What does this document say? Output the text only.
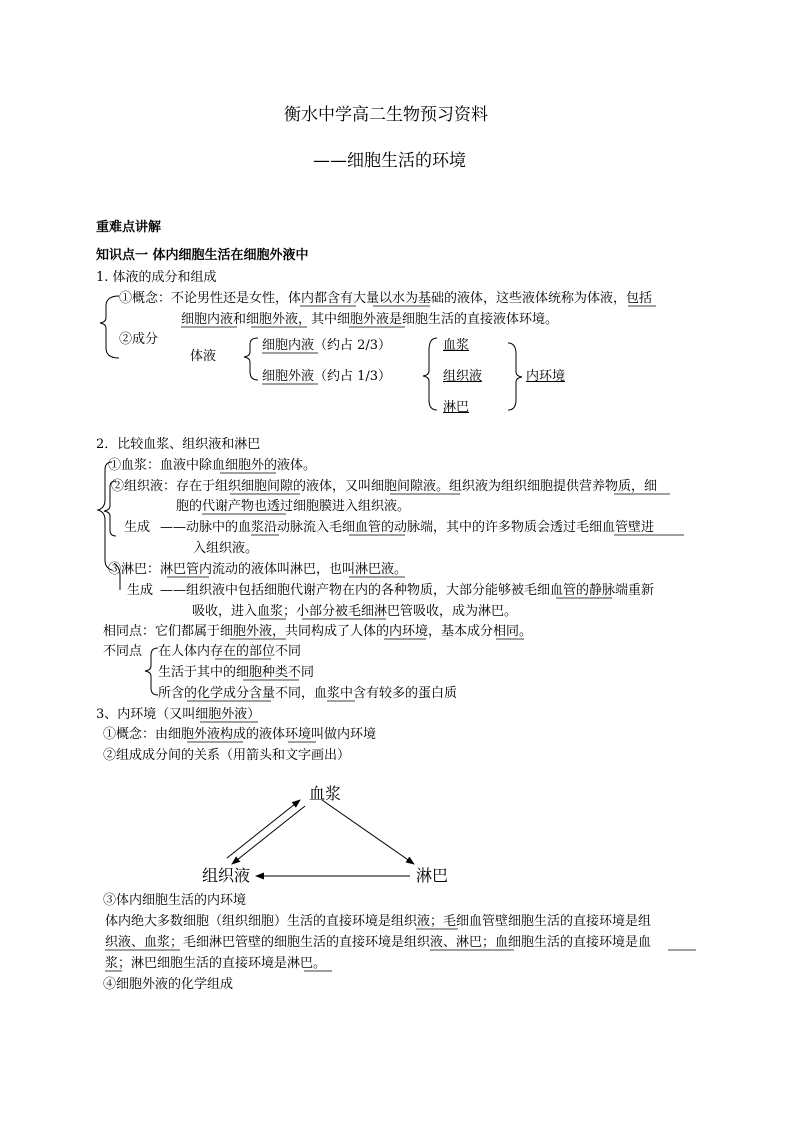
衡水中学高二生物预习资料
——细胞生活的环境
重难点讲解
知识点一 体内细胞生活在细胞外液中
1. 体液的成分和组成
①概念：不论男性还是女性，体内都含有大量以水为基础的液体，这些液体统称为体液，包括
细胞内液和细胞外液，其中细胞外液是细胞生活的直接液体环境。
②成分
体液
细胞内液（约占 2/3）
细胞外液（约占 1/3）
血浆
组织液
淋巴
内环境
2．比较血浆、组织液和淋巴
①血浆：血液中除血细胞外的液体。
②组织液：存在于组织细胞间隙的液体，又叫细胞间隙液。组织液为组织细胞提供营养物质，细
胞的代谢产物也透过细胞膜进入组织液。
生成 ——动脉中的血浆沿动脉流入毛细血管的动脉端，其中的许多物质会透过毛细血管壁进
入组织液。
③淋巴：淋巴管内流动的液体叫淋巴，也叫淋巴液。
生成 ——组织液中包括细胞代谢产物在内的各种物质，大部分能够被毛细血管的静脉端重新
吸收，进入血浆；小部分被毛细淋巴管吸收，成为淋巴。
相同点：它们都属于细胞外液，共同构成了人体的内环境，基本成分相同。
不同点 在人体内存在的部位不同
生活于其中的细胞种类不同
所含的化学成分含量不同，血浆中含有较多的蛋白质
3、内环境（又叫细胞外液）
①概念：由细胞外液构成的液体环境叫做内环境
②组成成分间的关系（用箭头和文字画出）
血浆
组织液	淋巴
③体内细胞生活的内环境
体内绝大多数细胞（组织细胞）生活的直接环境是组织液；毛细血管壁细胞生活的直接环境是组
织液、血浆；毛细淋巴管壁的细胞生活的直接环境是组织液、淋巴；血细胞生活的直接环境是血
浆；淋巴细胞生活的直接环境是淋巴。
④细胞外液的化学组成
